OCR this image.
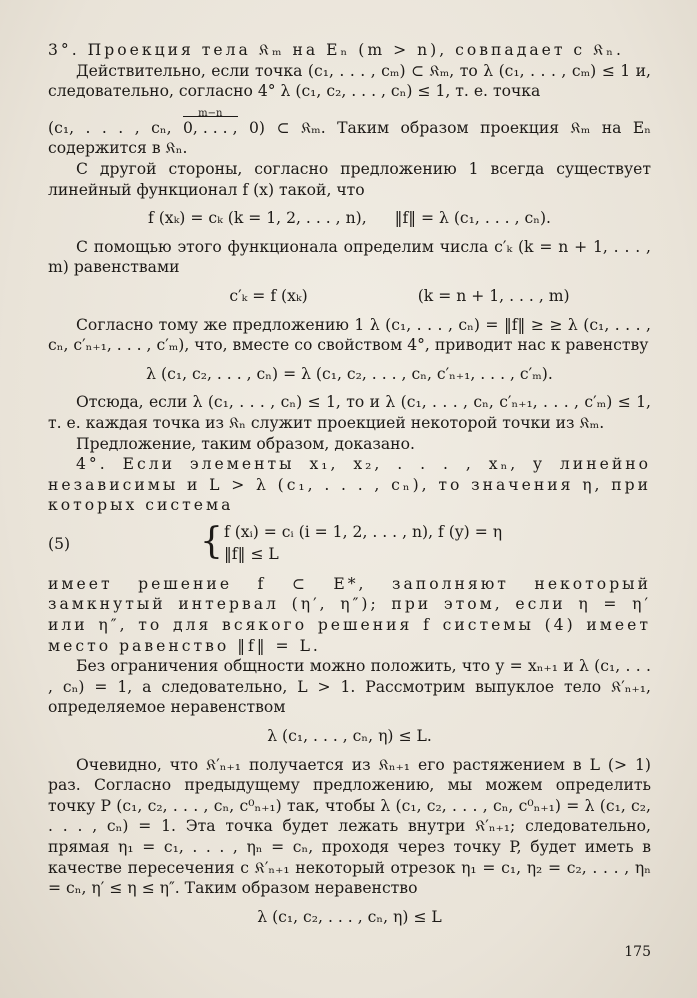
3°. Проекция тела 𝔎ₘ на Eₙ (m > n), совпадает с 𝔎ₙ.

Действительно, если точка (c₁, . . . , cₘ) ⊂ 𝔎ₘ, то λ (c₁, . . . , cₘ) ≤ 1 и, следовательно, согласно 4° λ (c₁, c₂, . . . , cₙ) ≤ 1, т. е. точка

(c₁, . . . , cₙ,
m−n
0, . . . , 0) ⊂ 𝔎ₘ. Таким образом проекция 𝔎ₘ на Eₙ содержится в 𝔎ₙ.

С другой стороны, согласно предложению 1 всегда существует линейный функционал f (x) такой, что

f (xₖ) = cₖ (k = 1, 2, . . . , n), ‖f‖ = λ (c₁, . . . , cₙ).

С помощью этого функционала определим числа c′ₖ (k = n + 1, . . . , m) равенствами

c′ₖ = f (xₖ)	(k = n + 1, . . . , m)

Согласно тому же предложению 1 λ (c₁, . . . , cₙ) = ‖f‖ ≥ ≥ λ (c₁, . . . , cₙ, c′ₙ₊₁, . . . , c′ₘ), что, вместе со свойством 4°, приводит нас к равенству

λ (c₁, c₂, . . . , cₙ) = λ (c₁, c₂, . . . , cₙ, c′ₙ₊₁, . . . , c′ₘ).

Отсюда, если λ (c₁, . . . , cₙ) ≤ 1, то и λ (c₁, . . . , cₙ, c′ₙ₊₁, . . . , c′ₘ) ≤ 1, т. е. каждая точка из 𝔎ₙ служит проекцией некоторой точки из 𝔎ₘ.

Предложение, таким образом, доказано.

4°. Если элементы x₁, x₂, . . . , xₙ, y линейно независимы и L > λ (c₁, . . . , cₙ), то значения η, при которых система

(5)	{ f (xᵢ) = cᵢ (i = 1, 2, . . . , n), f (y) = η
‖f‖ ≤ L

имеет решение f ⊂ E*, заполняют некоторый замкнутый интервал (η′, η″); при этом, если η = η′ или η″, то для всякого решения f системы (4) имеет место равенство ‖f‖ = L.

Без ограничения общности можно положить, что y = xₙ₊₁ и λ (c₁, . . . , cₙ) = 1, а следовательно, L > 1. Рассмотрим выпуклое тело 𝔎′ₙ₊₁, определяемое неравенством

λ (c₁, . . . , cₙ, η) ≤ L.

Очевидно, что 𝔎′ₙ₊₁ получается из 𝔎ₙ₊₁ его растяжением в L (> 1) раз. Согласно предыдущему предложению, мы можем определить точку P (c₁, c₂, . . . , cₙ, c⁰ₙ₊₁) так, чтобы λ (c₁, c₂, . . . , cₙ, c⁰ₙ₊₁) = λ (c₁, c₂, . . . , cₙ) = 1. Эта точка будет лежать внутри 𝔎′ₙ₊₁; следовательно, прямая η₁ = c₁, . . . , ηₙ = cₙ, проходя через точку P, будет иметь в качестве пересечения с 𝔎′ₙ₊₁ некоторый отрезок η₁ = c₁, η₂ = c₂, . . . , ηₙ = cₙ, η′ ≤ η ≤ η″. Таким образом неравенство

λ (c₁, c₂, . . . , cₙ, η) ≤ L

175
